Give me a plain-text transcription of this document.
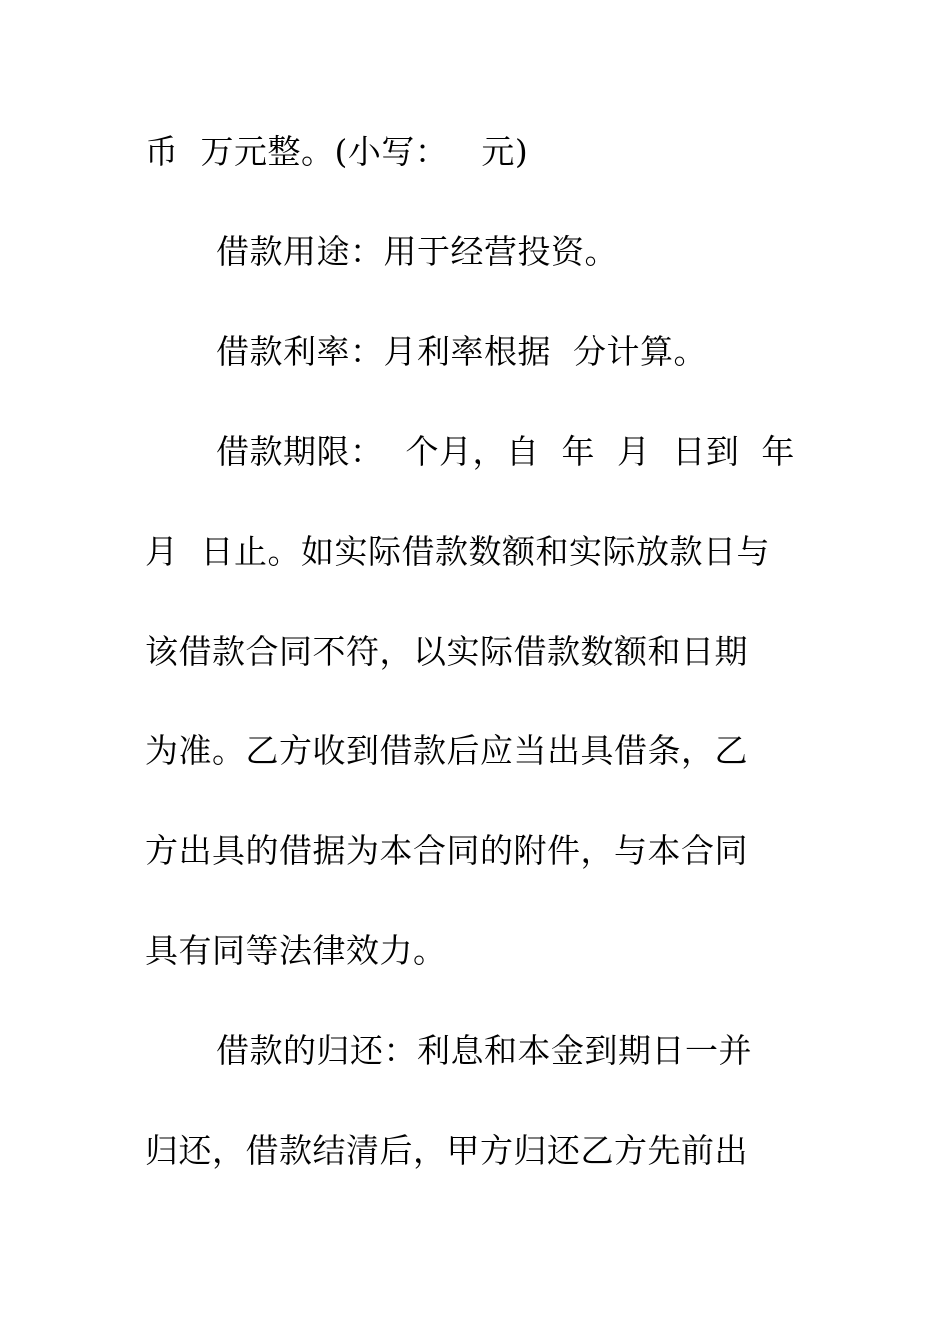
币  万元整。(小写：   元)
借款用途：用于经营投资。
借款利率：月利率根据  分计算。
借款期限：  个月，自  年  月  日到  年
月  日止。如实际借款数额和实际放款日与
该借款合同不符，以实际借款数额和日期
为准。乙方收到借款后应当出具借条，乙
方出具的借据为本合同的附件，与本合同
具有同等法律效力。
借款的归还：利息和本金到期日一并
归还，借款结清后，甲方归还乙方先前出
